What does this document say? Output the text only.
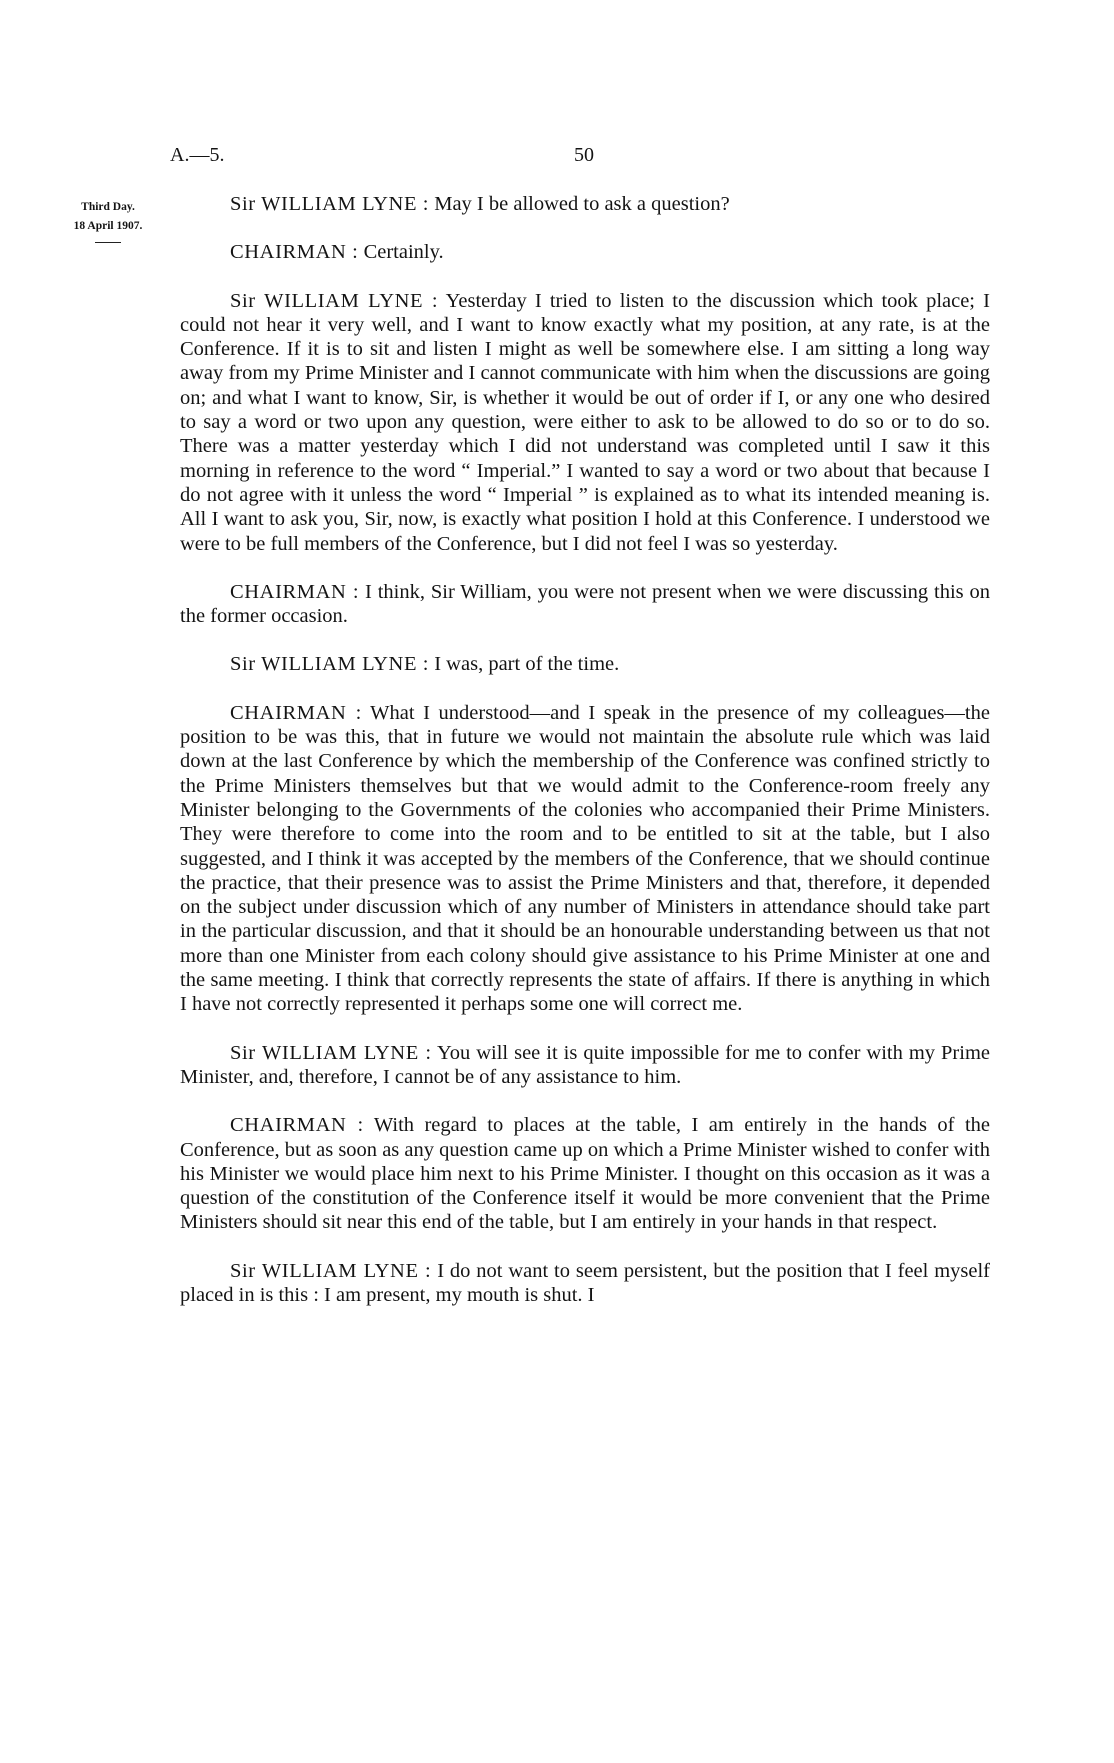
A.—5.	50
Third Day.
18 April 1907.

Sir WILLIAM LYNE : May I be allowed to ask a question?

CHAIRMAN : Certainly.

Sir WILLIAM LYNE : Yesterday I tried to listen to the discussion which took place; I could not hear it very well, and I want to know exactly what my position, at any rate, is at the Conference. If it is to sit and listen I might as well be somewhere else. I am sitting a long way away from my Prime Minister and I cannot communicate with him when the discussions are going on; and what I want to know, Sir, is whether it would be out of order if I, or any one who desired to say a word or two upon any question, were either to ask to be allowed to do so or to do so. There was a matter yesterday which I did not understand was completed until I saw it this morning in reference to the word “ Imperial.” I wanted to say a word or two about that because I do not agree with it unless the word “ Imperial ” is explained as to what its intended meaning is. All I want to ask you, Sir, now, is exactly what position I hold at this Conference. I understood we were to be full members of the Conference, but I did not feel I was so yesterday.

CHAIRMAN : I think, Sir William, you were not present when we were discussing this on the former occasion.

Sir WILLIAM LYNE : I was, part of the time.

CHAIRMAN : What I understood—and I speak in the presence of my colleagues—the position to be was this, that in future we would not maintain the absolute rule which was laid down at the last Conference by which the membership of the Conference was confined strictly to the Prime Ministers themselves but that we would admit to the Conference-room freely any Minister belonging to the Governments of the colonies who accompanied their Prime Ministers. They were therefore to come into the room and to be entitled to sit at the table, but I also suggested, and I think it was accepted by the members of the Conference, that we should continue the practice, that their presence was to assist the Prime Ministers and that, therefore, it depended on the subject under discussion which of any number of Ministers in attendance should take part in the particular discussion, and that it should be an honourable understanding between us that not more than one Minister from each colony should give assistance to his Prime Minister at one and the same meeting. I think that correctly represents the state of affairs. If there is anything in which I have not correctly represented it perhaps some one will correct me.

Sir WILLIAM LYNE : You will see it is quite impossible for me to confer with my Prime Minister, and, therefore, I cannot be of any assistance to him.

CHAIRMAN : With regard to places at the table, I am entirely in the hands of the Conference, but as soon as any question came up on which a Prime Minister wished to confer with his Minister we would place him next to his Prime Minister. I thought on this occasion as it was a question of the constitution of the Conference itself it would be more convenient that the Prime Ministers should sit near this end of the table, but I am entirely in your hands in that respect.

Sir WILLIAM LYNE : I do not want to seem persistent, but the position that I feel myself placed in is this : I am present, my mouth is shut. I
